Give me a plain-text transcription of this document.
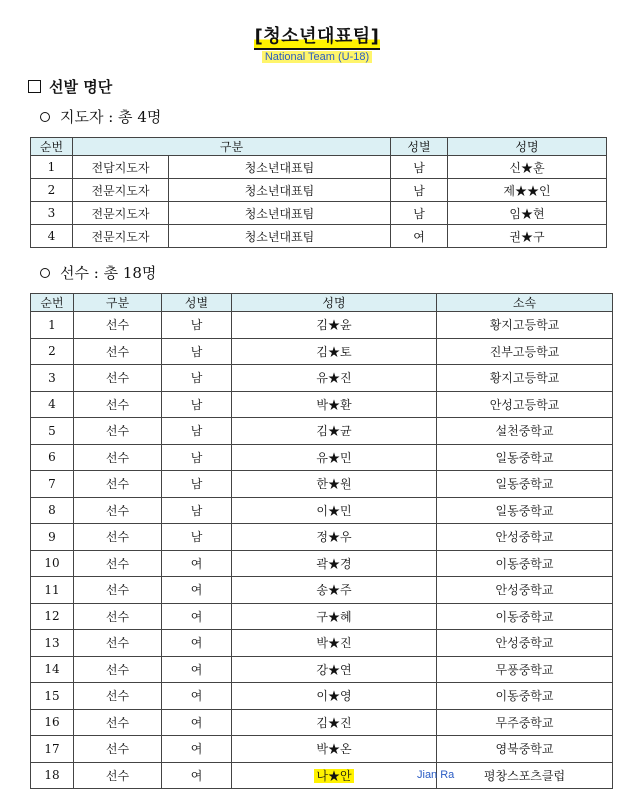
[청소년대표팀]
National Team (U-18)
선발 명단
지도자 : 총 4명
순번	구분		성별	성명
1	전담지도자	청소년대표팀	남	신★훈
2	전문지도자	청소년대표팀	남	제★★인
3	전문지도자	청소년대표팀	남	임★현
4	전문지도자	청소년대표팀	여	권★구
선수 : 총 18명
순번	구분	성별	성명	소속
1	선수	남	김★윤	황지고등학교
2	선수	남	김★토	진부고등학교
3	선수	남	유★진	황지고등학교
4	선수	남	박★환	안성고등학교
5	선수	남	김★균	설천중학교
6	선수	남	유★민	일동중학교
7	선수	남	한★원	일동중학교
8	선수	남	이★민	일동중학교
9	선수	남	정★우	안성중학교
10	선수	여	곽★경	이동중학교
11	선수	여	송★주	안성중학교
12	선수	여	구★혜	이동중학교
13	선수	여	박★진	안성중학교
14	선수	여	강★연	무풍중학교
15	선수	여	이★영	이동중학교
16	선수	여	김★진	무주중학교
17	선수	여	박★온	영북중학교
18	선수	여	나★안 Jian Ra	평창스포츠클럽
